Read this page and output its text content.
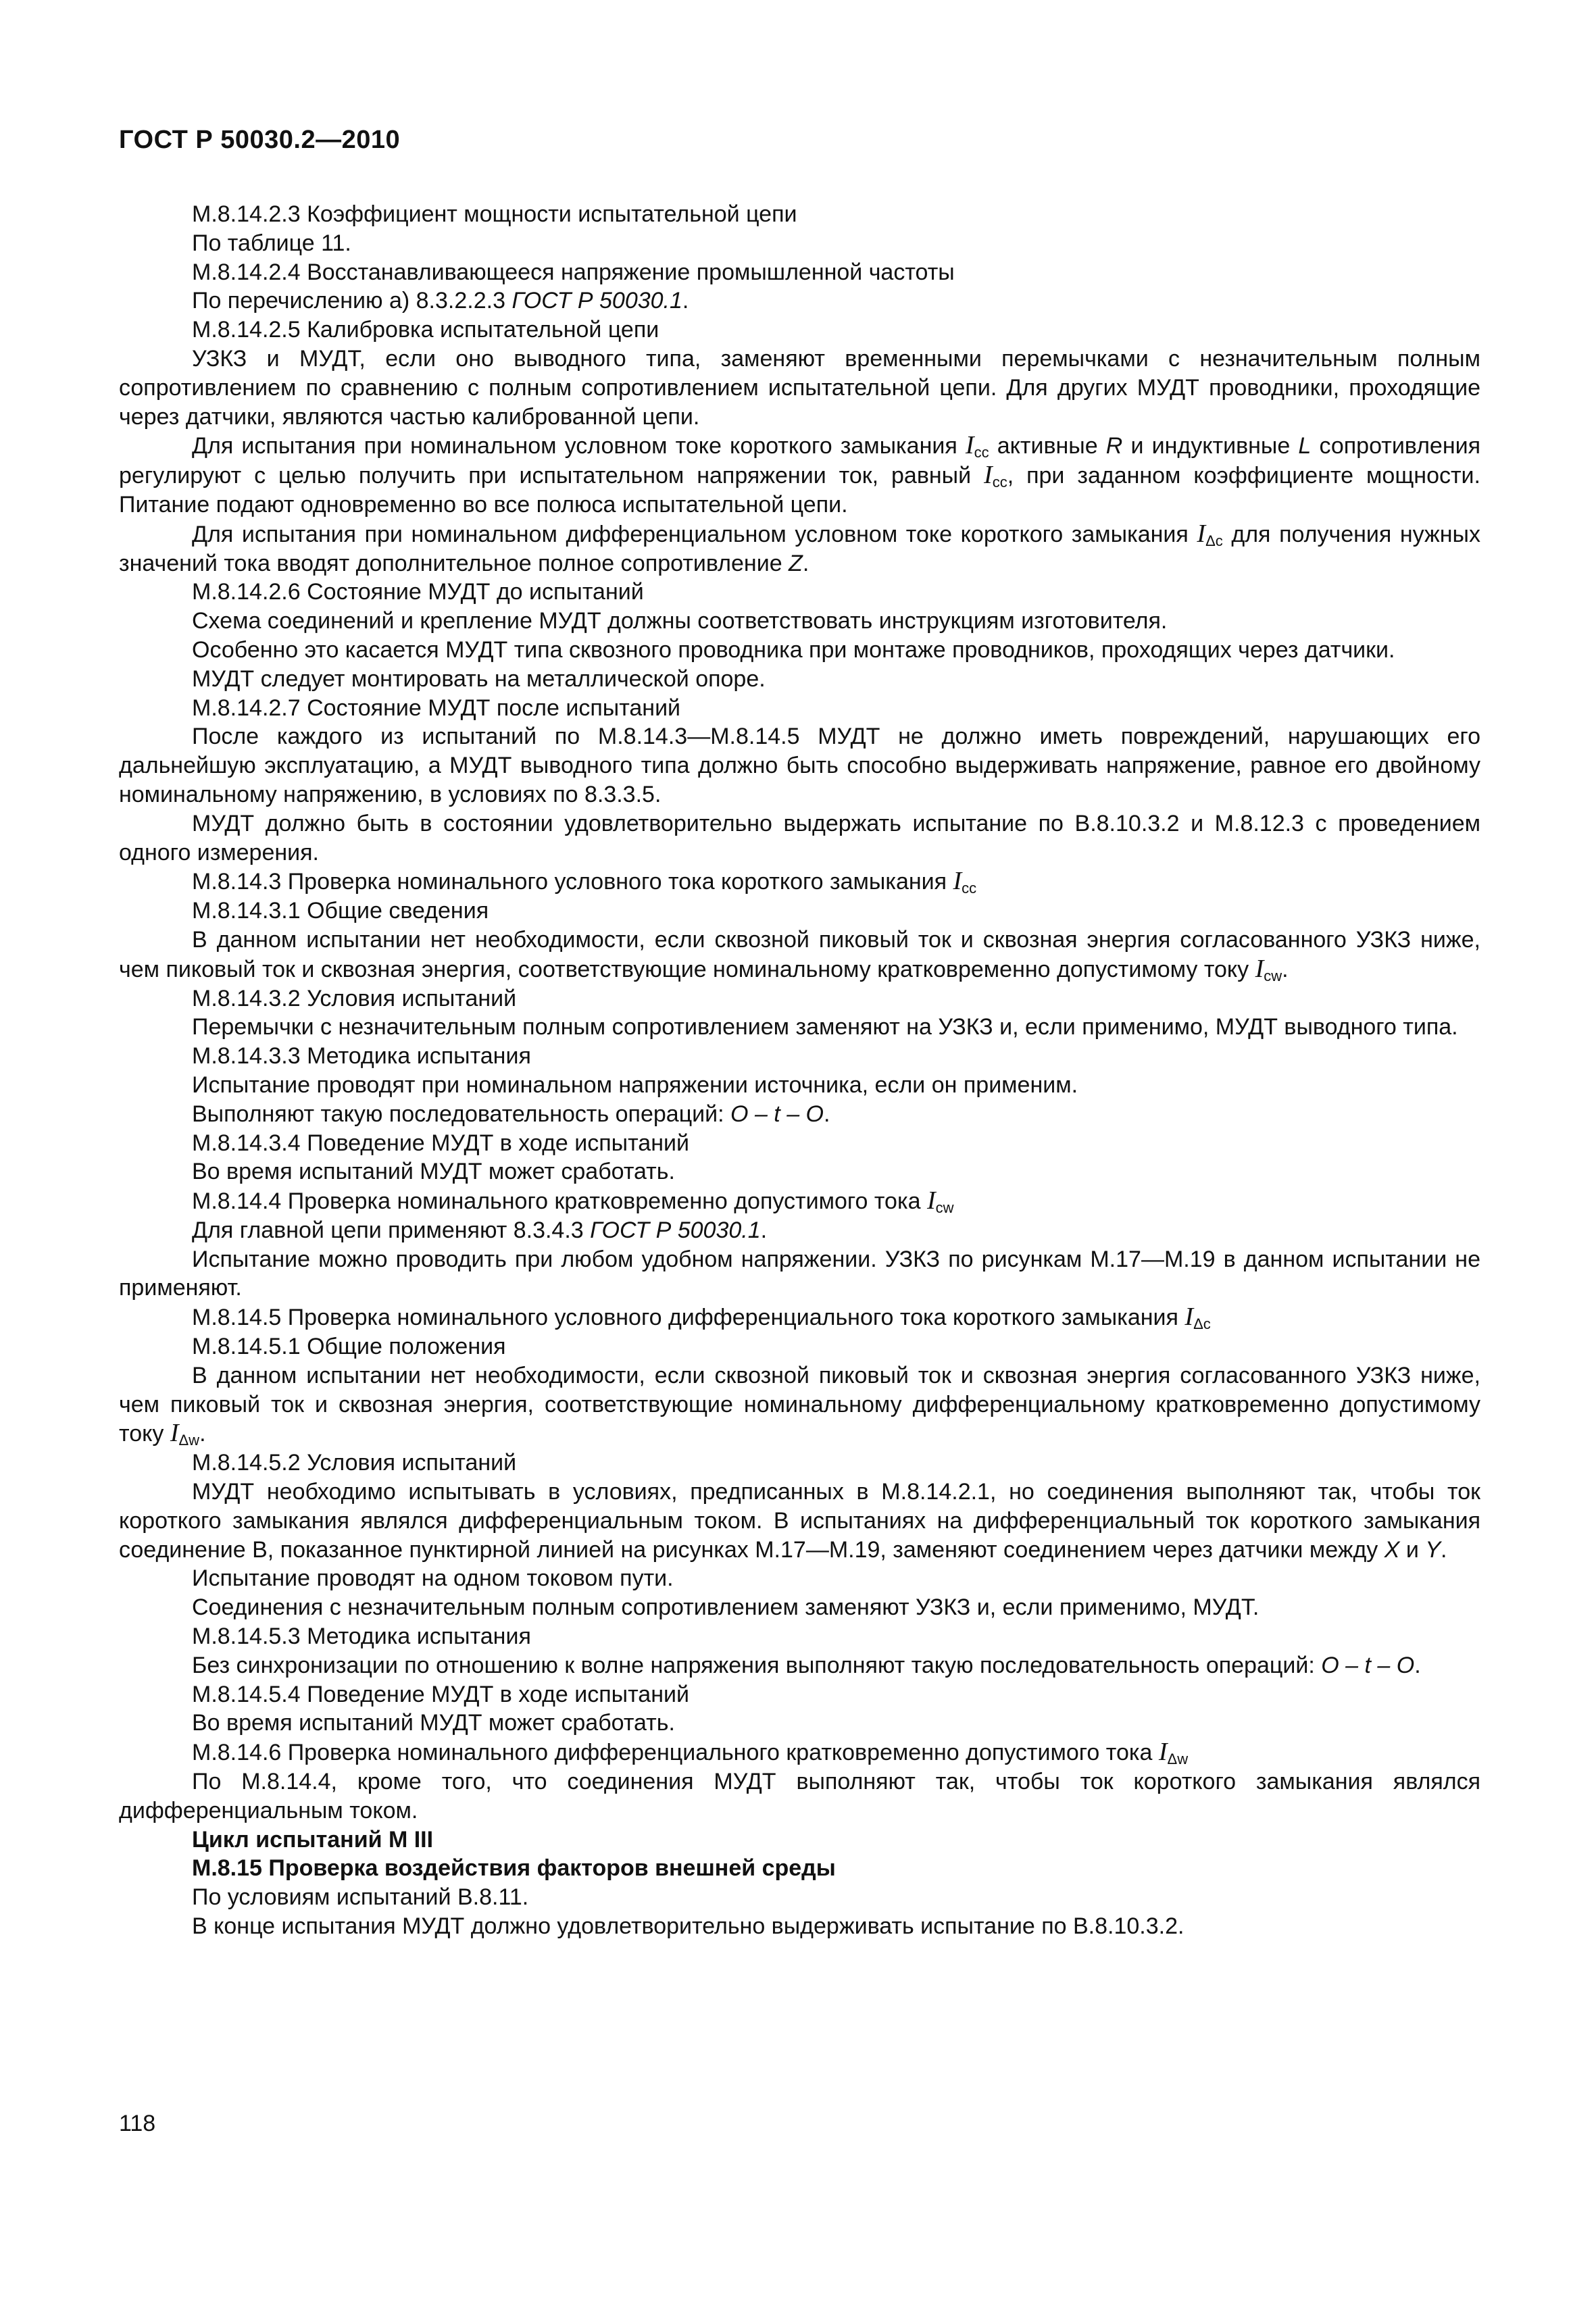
ГОСТ Р 50030.2—2010

М.8.14.2.3 Коэффициент мощности испытательной цепи

По таблице 11.

М.8.14.2.4 Восстанавливающееся напряжение промышленной частоты

По перечислению а) 8.3.2.2.3 ГОСТ Р 50030.1.

М.8.14.2.5 Калибровка испытательной цепи

УЗКЗ и МУДТ, если оно выводного типа, заменяют временными перемычками с незначительным полным сопротивлением по сравнению с полным сопротивлением испытательной цепи. Для других МУДТ проводники, проходящие через датчики, являются частью калиброванной цепи.

Для испытания при номинальном условном токе короткого замыкания $I_{cc}$ активные R и индуктивные L сопротивления регулируют с целью получить при испытательном напряжении ток, равный $I_{cc}$, при заданном коэффициенте мощности. Питание подают одновременно во все полюса испытательной цепи.

Для испытания при номинальном дифференциальном условном токе короткого замыкания $I_{\Delta c}$ для получения нужных значений тока вводят дополнительное полное сопротивление Z.

М.8.14.2.6 Состояние МУДТ до испытаний

Схема соединений и крепление МУДТ должны соответствовать инструкциям изготовителя.

Особенно это касается МУДТ типа сквозного проводника при монтаже проводников, проходящих через датчики.

МУДТ следует монтировать на металлической опоре.

М.8.14.2.7 Состояние МУДТ после испытаний

После каждого из испытаний по М.8.14.3—М.8.14.5 МУДТ не должно иметь повреждений, нарушающих его дальнейшую эксплуатацию, а МУДТ выводного типа должно быть способно выдерживать напряжение, равное его двойному номинальному напряжению, в условиях по 8.3.3.5.

МУДТ должно быть в состоянии удовлетворительно выдержать испытание по В.8.10.3.2 и М.8.12.3 с проведением одного измерения.

М.8.14.3 Проверка номинального условного тока короткого замыкания $I_{cc}$

М.8.14.3.1 Общие сведения

В данном испытании нет необходимости, если сквозной пиковый ток и сквозная энергия согласованного УЗКЗ ниже, чем пиковый ток и сквозная энергия, соответствующие номинальному кратковременно допустимому току $I_{cw}$.

М.8.14.3.2 Условия испытаний

Перемычки с незначительным полным сопротивлением заменяют на УЗКЗ и, если применимо, МУДТ выводного типа.

М.8.14.3.3 Методика испытания

Испытание проводят при номинальном напряжении источника, если он применим.

Выполняют такую последовательность операций: O – t – O.

М.8.14.3.4 Поведение МУДТ в ходе испытаний

Во время испытаний МУДТ может сработать.

М.8.14.4 Проверка номинального кратковременно допустимого тока $I_{cw}$

Для главной цепи применяют 8.3.4.3 ГОСТ Р 50030.1.

Испытание можно проводить при любом удобном напряжении. УЗКЗ по рисункам М.17—М.19 в данном испытании не применяют.

М.8.14.5 Проверка номинального условного дифференциального тока короткого замыкания $I_{\Delta c}$

М.8.14.5.1 Общие положения

В данном испытании нет необходимости, если сквозной пиковый ток и сквозная энергия согласованного УЗКЗ ниже, чем пиковый ток и сквозная энергия, соответствующие номинальному дифференциальному кратковременно допустимому току $I_{\Delta w}$.

М.8.14.5.2 Условия испытаний

МУДТ необходимо испытывать в условиях, предписанных в М.8.14.2.1, но соединения выполняют так, чтобы ток короткого замыкания являлся дифференциальным током. В испытаниях на дифференциальный ток короткого замыкания соединение В, показанное пунктирной линией на рисунках М.17—М.19, заменяют соединением через датчики между X и Y.

Испытание проводят на одном токовом пути.

Соединения с незначительным полным сопротивлением заменяют УЗКЗ и, если применимо, МУДТ.

М.8.14.5.3 Методика испытания

Без синхронизации по отношению к волне напряжения выполняют такую последовательность операций: O – t – O.

М.8.14.5.4 Поведение МУДТ в ходе испытаний

Во время испытаний МУДТ может сработать.

М.8.14.6 Проверка номинального дифференциального кратковременно допустимого тока $I_{\Delta w}$

По М.8.14.4, кроме того, что соединения МУДТ выполняют так, чтобы ток короткого замыкания являлся дифференциальным током.

Цикл испытаний М III

М.8.15 Проверка воздействия факторов внешней среды

По условиям испытаний В.8.11.

В конце испытания МУДТ должно удовлетворительно выдерживать испытание по В.8.10.3.2.

118
